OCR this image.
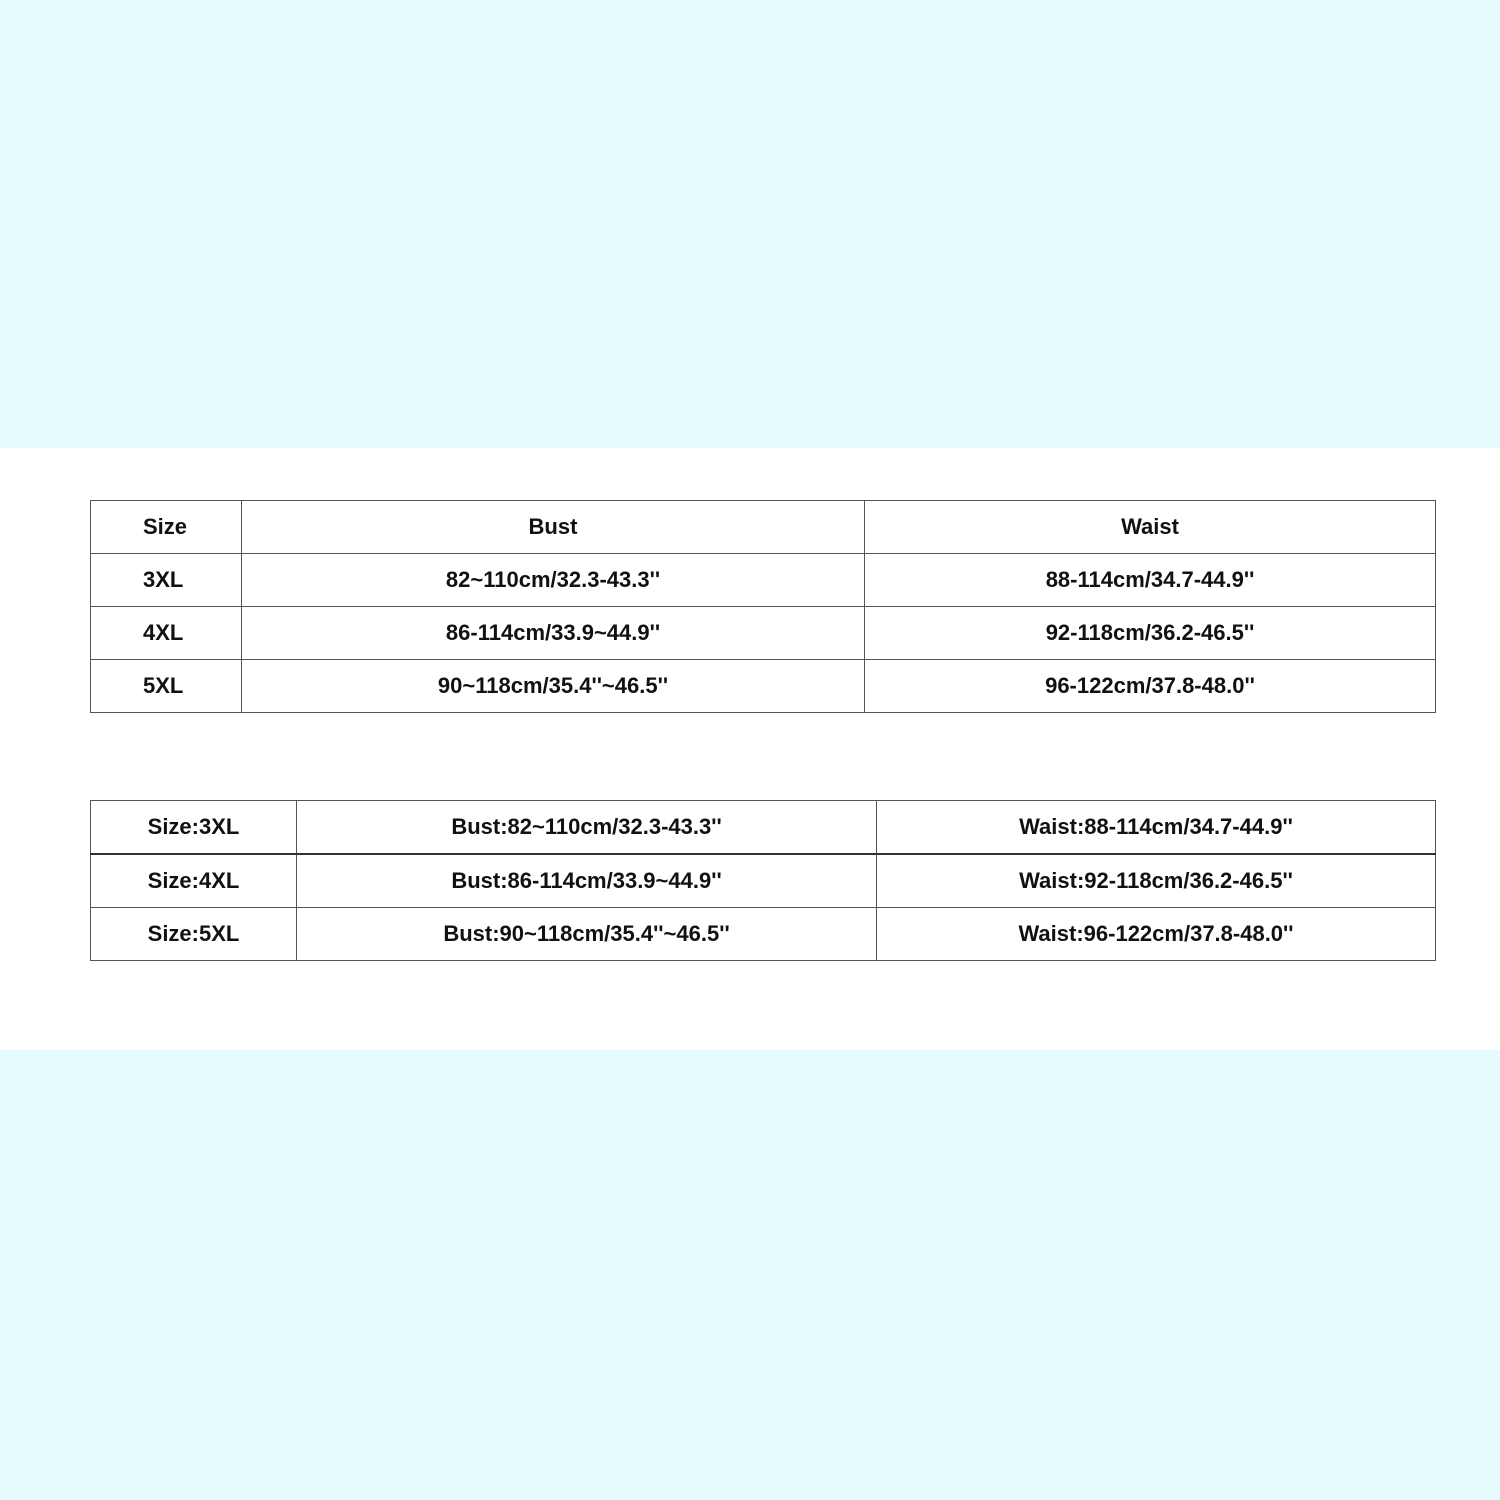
Size	Bust	Waist
3XL	82~110cm/32.3-43.3''	88-114cm/34.7-44.9''
4XL	86-114cm/33.9~44.9''	92-118cm/36.2-46.5''
5XL	90~118cm/35.4''~46.5''	96-122cm/37.8-48.0''
Size:3XL	Bust:82~110cm/32.3-43.3''	Waist:88-114cm/34.7-44.9''
Size:4XL	Bust:86-114cm/33.9~44.9''	Waist:92-118cm/36.2-46.5''
Size:5XL	Bust:90~118cm/35.4''~46.5''	Waist:96-122cm/37.8-48.0''
